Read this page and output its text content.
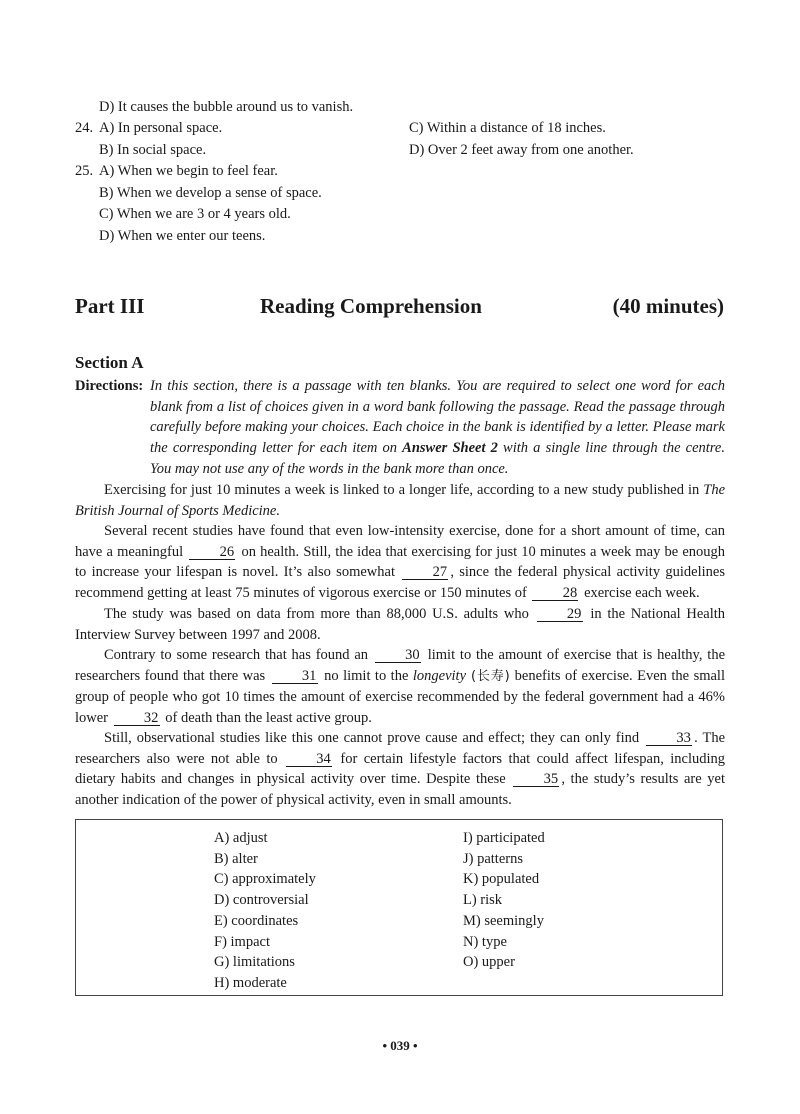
D) It causes the bubble around us to vanish.
24. A) In personal space.	C) Within a distance of 18 inches.
B) In social space.	D) Over 2 feet away from one another.
25. A) When we begin to feel fear.
B) When we develop a sense of space.
C) When we are 3 or 4 years old.
D) When we enter our teens.
Part III	Reading Comprehension	(40 minutes)
Section A
Directions: In this section, there is a passage with ten blanks. You are required to select one word for each blank from a list of choices given in a word bank following the passage. Read the passage through carefully before making your choices. Each choice in the bank is identified by a letter. Please mark the corresponding letter for each item on Answer Sheet 2 with a single line through the centre. You may not use any of the words in the bank more than once.
Exercising for just 10 minutes a week is linked to a longer life, according to a new study published in The British Journal of Sports Medicine.
Several recent studies have found that even low-intensity exercise, done for a short amount of time, can have a meaningful	26 on health. Still, the idea that exercising for just 10 minutes a week may be enough to increase your lifespan is novel. It’s also somewhat	27 , since the federal physical activity guidelines recommend getting at least 75 minutes of vigorous exercise or 150 minutes of 28 exercise each week.
The study was based on data from more than 88,000 U.S. adults who	29 in the National Health Interview Survey between 1997 and 2008.
Contrary to some research that has found an	30 limit to the amount of exercise that is healthy, the researchers found that there was	31 no limit to the longevity (长寿) benefits of exercise. Even the small group of people who got 10 times the amount of exercise recommended by the federal government had a 46% lower 32 of death than the least active group.
Still, observational studies like this one cannot prove cause and effect; they can only find	33 . The researchers also were not able to	34 for certain lifestyle factors that could affect lifespan, including dietary habits and changes in physical activity over time. Despite these	35 , the study’s results are yet another indication of the power of physical activity, even in small amounts.
A) adjust
B) alter
C) approximately
D) controversial
E) coordinates
F) impact
G) limitations
H) moderate
I) participated
J) patterns
K) populated
L) risk
M) seemingly
N) type
O) upper
• 039 •
